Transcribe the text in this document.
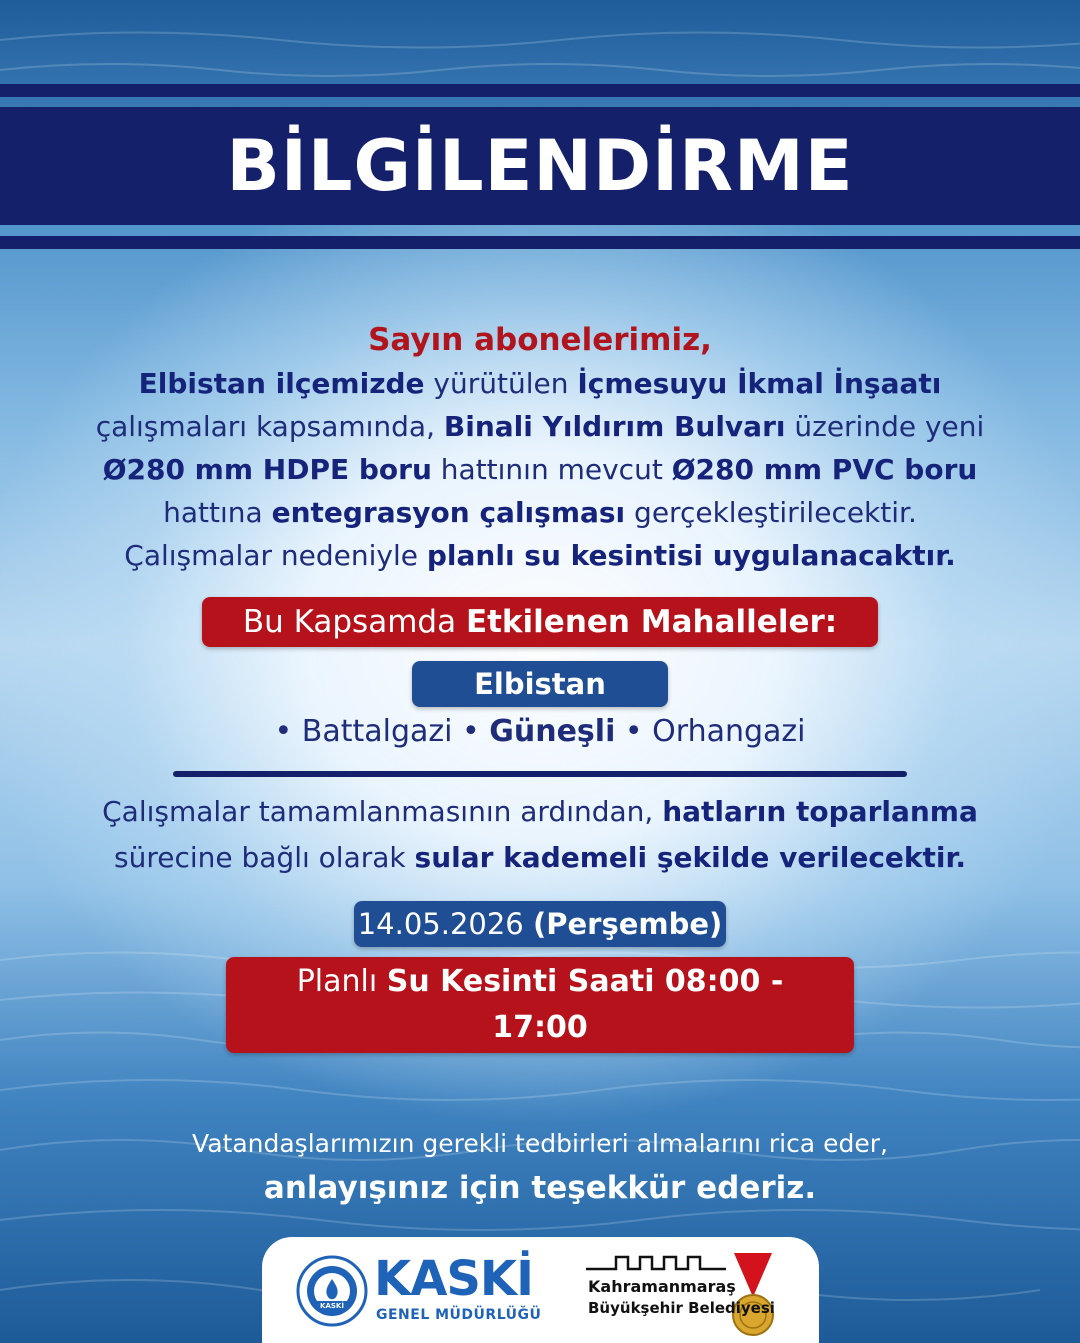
BİLGİLENDİRME
Sayın abonelerimiz,
Elbistan ilçemizde yürütülen İçmesuyu İkmal İnşaatı
çalışmaları kapsamında, Binali Yıldırım Bulvarı üzerinde yeni
Ø280 mm HDPE boru hattının mevcut Ø280 mm PVC boru
hattına entegrasyon çalışması gerçekleştirilecektir.
Çalışmalar nedeniyle planlı su kesintisi uygulanacaktır.
Bu Kapsamda Etkilenen Mahalleler:
Elbistan
• Battalgazi • Güneşli • Orhangazi
Çalışmalar tamamlanmasının ardından, hatların toparlanma
sürecine bağlı olarak sular kademeli şekilde verilecektir.
14.05.2026 (Perşembe)
Planlı Su Kesinti Saati 08:00 - 17:00
Vatandaşlarımızın gerekli tedbirleri almalarını rica eder,
anlayışınız için teşekkür ederiz.
KASKİ KASKİ
GENEL MÜDÜRLÜĞÜ
Kahramanmaraş
Büyükşehir Belediyesi
